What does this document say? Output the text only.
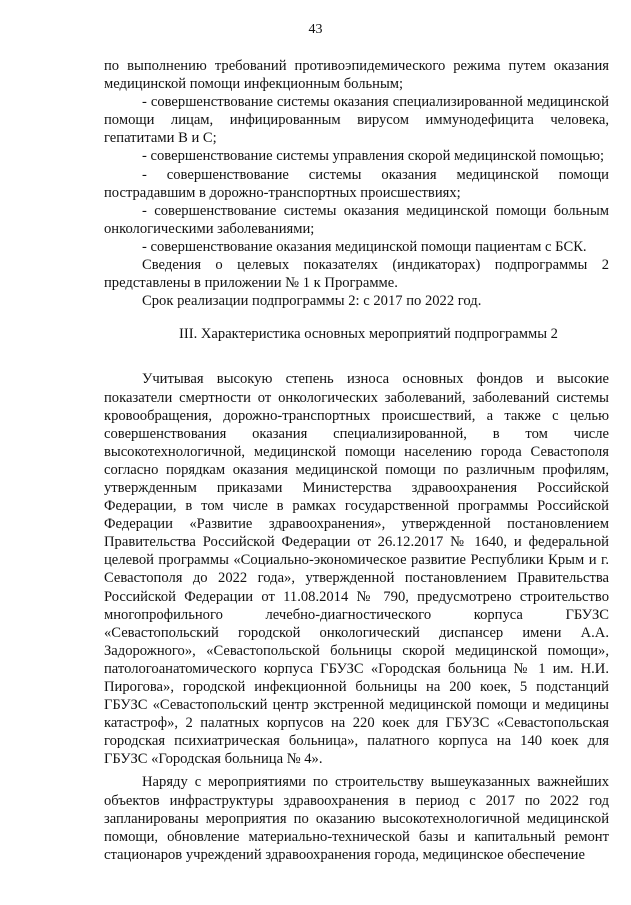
43

по выполнению требований противоэпидемического режима путем оказания медицинской помощи инфекционным больным;

- совершенствование системы оказания специализированной медицинской помощи лицам, инфицированным вирусом иммунодефицита человека, гепатитами В и С;

- совершенствование системы управления скорой медицинской помощью;

- совершенствование системы оказания медицинской помощи пострадавшим в дорожно-транспортных происшествиях;

- совершенствование системы оказания медицинской помощи больным онкологическими заболеваниями;

- совершенствование оказания медицинской помощи пациентам с БСК.

Сведения о целевых показателях (индикаторах) подпрограммы 2 представлены в приложении № 1 к Программе.

Срок реализации подпрограммы 2: с 2017 по 2022 год.

III. Характеристика основных мероприятий подпрограммы 2

Учитывая высокую степень износа основных фондов и высокие показатели смертности от онкологических заболеваний, заболеваний системы кровообращения, дорожно-транспортных происшествий, а также с целью совершенствования оказания специализированной, в том числе высокотехнологичной, медицинской помощи населению города Севастополя согласно порядкам оказания медицинской помощи по различным профилям, утвержденным приказами Министерства здравоохранения Российской Федерации, в том числе в рамках государственной программы Российской Федерации «Развитие здравоохранения», утвержденной постановлением Правительства Российской Федерации от 26.12.2017 № 1640, и федеральной целевой программы «Социально-экономическое развитие Республики Крым и г. Севастополя до 2022 года», утвержденной постановлением Правительства Российской Федерации от 11.08.2014 № 790, предусмотрено строительство многопрофильного лечебно-диагностического корпуса ГБУЗС «Севастопольский городской онкологический диспансер имени А.А. Задорожного», «Севастопольской больницы скорой медицинской помощи», патологоанатомического корпуса ГБУЗС «Городская больница № 1 им. Н.И. Пирогова», городской инфекционной больницы на 200 коек, 5 подстанций ГБУЗС «Севастопольский центр экстренной медицинской помощи и медицины катастроф», 2 палатных корпусов на 220 коек для ГБУЗС «Севастопольская городская психиатрическая больница», палатного корпуса на 140 коек для ГБУЗС «Городская больница № 4».

Наряду с мероприятиями по строительству вышеуказанных важнейших объектов инфраструктуры здравоохранения в период с 2017 по 2022 год запланированы мероприятия по оказанию высокотехнологичной медицинской помощи, обновление материально-технической базы и капитальный ремонт стационаров учреждений здравоохранения города, медицинское обеспечение
